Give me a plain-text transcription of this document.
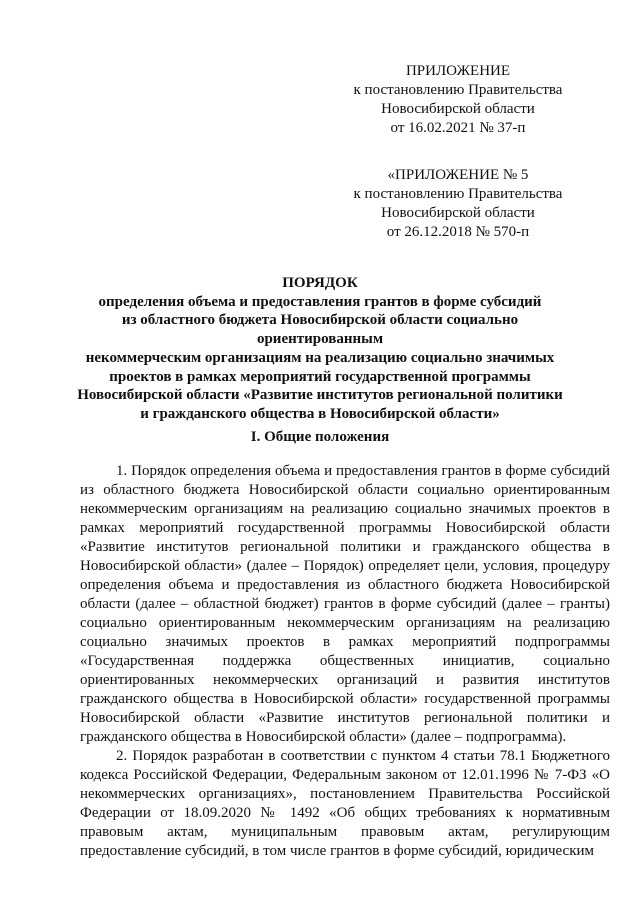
ПРИЛОЖЕНИЕ
к постановлению Правительства
Новосибирской области
от 16.02.2021 № 37-п
«ПРИЛОЖЕНИЕ № 5
к постановлению Правительства
Новосибирской области
от 26.12.2018 № 570-п
ПОРЯДОК
определения объема и предоставления грантов в форме субсидий
из областного бюджета Новосибирской области социально ориентированным
некоммерческим организациям на реализацию социально значимых
проектов в рамках мероприятий государственной программы
Новосибирской области «Развитие институтов региональной политики
и гражданского общества в Новосибирской области»
I. Общие положения

1. Порядок определения объема и предоставления грантов в форме субсидий из областного бюджета Новосибирской области социально ориентированным некоммерческим организациям на реализацию социально значимых проектов в рамках мероприятий государственной программы Новосибирской области «Развитие институтов региональной политики и гражданского общества в Новосибирской области» (далее – Порядок) определяет цели, условия, процедуру определения объема и предоставления из областного бюджета Новосибирской области (далее – областной бюджет) грантов в форме субсидий (далее – гранты) социально ориентированным некоммерческим организациям на реализацию социально значимых проектов в рамках мероприятий подпрограммы «Государственная поддержка общественных инициатив, социально ориентированных некоммерческих организаций и развития институтов гражданского общества в Новосибирской области» государственной программы Новосибирской области «Развитие институтов региональной политики и гражданского общества в Новосибирской области» (далее – подпрограмма).

2. Порядок разработан в соответствии с пунктом 4 статьи 78.1 Бюджетного кодекса Российской Федерации, Федеральным законом от 12.01.1996 № 7-ФЗ «О некоммерческих организациях», постановлением Правительства Российской Федерации от 18.09.2020 № 1492 «Об общих требованиях к нормативным правовым актам, муниципальным правовым актам, регулирующим предоставление субсидий, в том числе грантов в форме субсидий, юридическим
